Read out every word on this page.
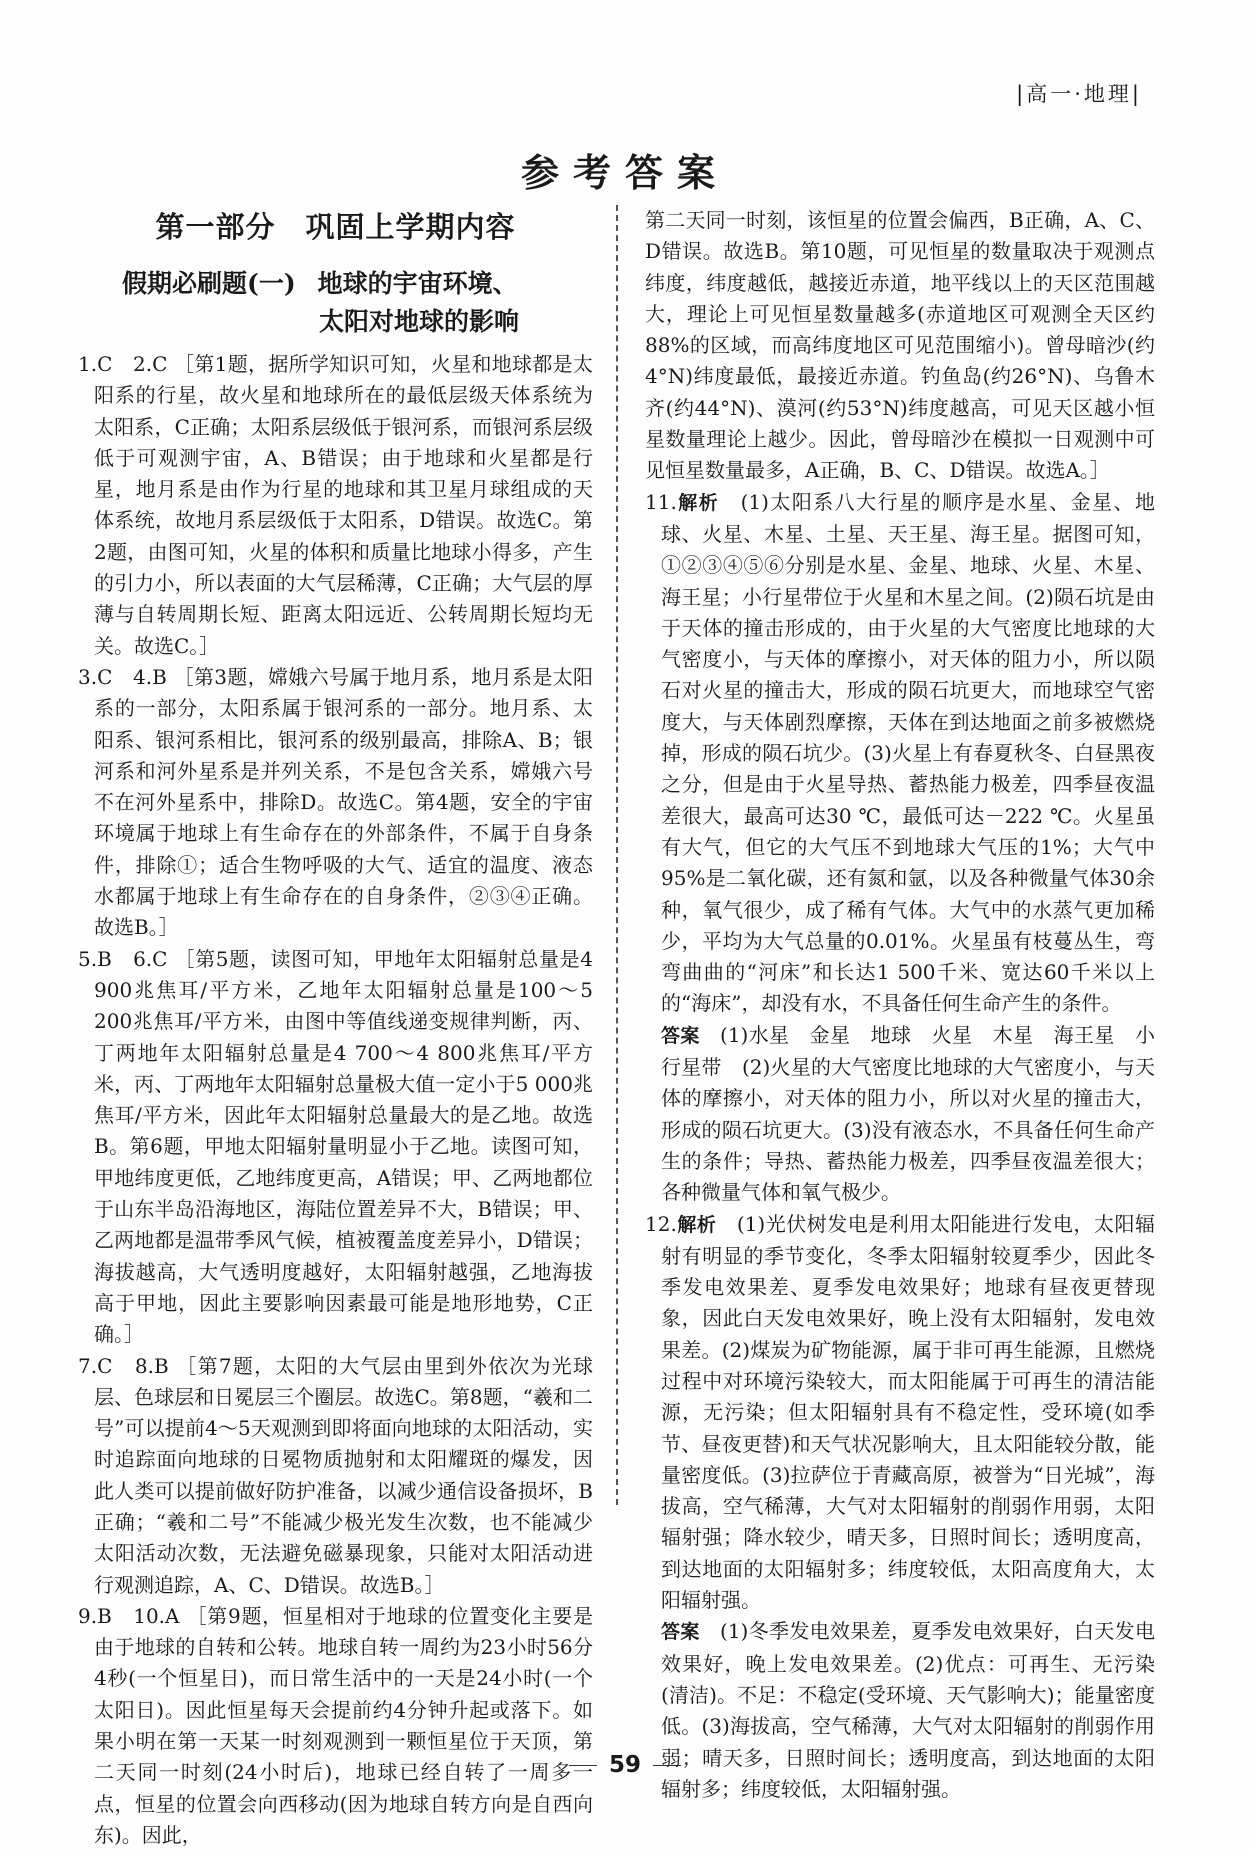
|高一·地理|
参考答案
第一部分　巩固上学期内容
假期必刷题(一) 地球的宇宙环境、
太阳对地球的影响

1.C　2.C ［第1题，据所学知识可知，火星和地球都是太阳系的行星，故火星和地球所在的最低层级天体系统为太阳系，C正确；太阳系层级低于银河系，而银河系层级低于可观测宇宙，A、B错误；由于地球和火星都是行星，地月系是由作为行星的地球和其卫星月球组成的天体系统，故地月系层级低于太阳系，D错误。故选C。第2题，由图可知，火星的体积和质量比地球小得多，产生的引力小，所以表面的大气层稀薄，C正确；大气层的厚薄与自转周期长短、距离太阳远近、公转周期长短均无关。故选C。］

3.C　4.B ［第3题，嫦娥六号属于地月系，地月系是太阳系的一部分，太阳系属于银河系的一部分。地月系、太阳系、银河系相比，银河系的级别最高，排除A、B；银河系和河外星系是并列关系，不是包含关系，嫦娥六号不在河外星系中，排除D。故选C。第4题，安全的宇宙环境属于地球上有生命存在的外部条件，不属于自身条件，排除①；适合生物呼吸的大气、适宜的温度、液态水都属于地球上有生命存在的自身条件，②③④正确。故选B。］

5.B　6.C ［第5题，读图可知，甲地年太阳辐射总量是4 900兆焦耳/平方米，乙地年太阳辐射总量是100～5 200兆焦耳/平方米，由图中等值线递变规律判断，丙、丁两地年太阳辐射总量是4 700～4 800兆焦耳/平方米，丙、丁两地年太阳辐射总量极大值一定小于5 000兆焦耳/平方米，因此年太阳辐射总量最大的是乙地。故选B。第6题，甲地太阳辐射量明显小于乙地。读图可知，甲地纬度更低，乙地纬度更高，A错误；甲、乙两地都位于山东半岛沿海地区，海陆位置差异不大，B错误；甲、乙两地都是温带季风气候，植被覆盖度差异小，D错误；海拔越高，大气透明度越好，太阳辐射越强，乙地海拔高于甲地，因此主要影响因素最可能是地形地势，C正确。］

7.C　8.B ［第7题，太阳的大气层由里到外依次为光球层、色球层和日冕层三个圈层。故选C。第8题，“羲和二号”可以提前4～5天观测到即将面向地球的太阳活动，实时追踪面向地球的日冕物质抛射和太阳耀斑的爆发，因此人类可以提前做好防护准备，以减少通信设备损坏，B正确；“羲和二号”不能减少极光发生次数，也不能减少太阳活动次数，无法避免磁暴现象，只能对太阳活动进行观测追踪，A、C、D错误。故选B。］

9.B　10.A ［第9题，恒星相对于地球的位置变化主要是由于地球的自转和公转。地球自转一周约为23小时56分4秒(一个恒星日)，而日常生活中的一天是24小时(一个太阳日)。因此恒星每天会提前约4分钟升起或落下。如果小明在第一天某一时刻观测到一颗恒星位于天顶，第二天同一时刻(24小时后)，地球已经自转了一周多一点，恒星的位置会向西移动(因为地球自转方向是自西向东)。因此，

第二天同一时刻，该恒星的位置会偏西，B正确，A、C、D错误。故选B。第10题，可见恒星的数量取决于观测点纬度，纬度越低，越接近赤道，地平线以上的天区范围越大，理论上可见恒星数量越多(赤道地区可观测全天区约88%的区域，而高纬度地区可见范围缩小)。曾母暗沙(约4°N)纬度最低，最接近赤道。钓鱼岛(约26°N)、乌鲁木齐(约44°N)、漠河(约53°N)纬度越高，可见天区越小恒星数量理论上越少。因此，曾母暗沙在模拟一日观测中可见恒星数量最多，A正确，B、C、D错误。故选A。］

11.解析　 (1)太阳系八大行星的顺序是水星、金星、地球、火星、木星、土星、天王星、海王星。据图可知，①②③④⑤⑥分别是水星、金星、地球、火星、木星、海王星；小行星带位于火星和木星之间。(2)陨石坑是由于天体的撞击形成的，由于火星的大气密度比地球的大气密度小，与天体的摩擦小，对天体的阻力小，所以陨石对火星的撞击大，形成的陨石坑更大，而地球空气密度大，与天体剧烈摩擦，天体在到达地面之前多被燃烧掉，形成的陨石坑少。(3)火星上有春夏秋冬、白昼黑夜之分，但是由于火星导热、蓄热能力极差，四季昼夜温差很大，最高可达30 ℃，最低可达－222 ℃。火星虽有大气，但它的大气压不到地球大气压的1%；大气中95%是二氧化碳，还有氮和氩，以及各种微量气体30余种，氧气很少，成了稀有气体。大气中的水蒸气更加稀少，平均为大气总量的0.01%。火星虽有枝蔓丛生，弯弯曲曲的“河床”和长达1 500千米、宽达60千米以上的“海床”，却没有水，不具备任何生命产生的条件。

答案　 (1)水星　金星　地球　火星　木星　海王星　小行星带　(2)火星的大气密度比地球的大气密度小，与天体的摩擦小，对天体的阻力小，所以对火星的撞击大，形成的陨石坑更大。(3)没有液态水，不具备任何生命产生的条件；导热、蓄热能力极差，四季昼夜温差很大；各种微量气体和氧气极少。

12.解析　 (1)光伏树发电是利用太阳能进行发电，太阳辐射有明显的季节变化，冬季太阳辐射较夏季少，因此冬季发电效果差、夏季发电效果好；地球有昼夜更替现象，因此白天发电效果好，晚上没有太阳辐射，发电效果差。(2)煤炭为矿物能源，属于非可再生能源，且燃烧过程中对环境污染较大，而太阳能属于可再生的清洁能源，无污染；但太阳辐射具有不稳定性，受环境(如季节、昼夜更替)和天气状况影响大，且太阳能较分散，能量密度低。(3)拉萨位于青藏高原，被誉为“日光城”，海拔高，空气稀薄，大气对太阳辐射的削弱作用弱，太阳辐射强；降水较少，晴天多，日照时间长；透明度高，到达地面的太阳辐射多；纬度较低，太阳高度角大，太阳辐射强。

答案　 (1)冬季发电效果差，夏季发电效果好，白天发电效果好，晚上发电效果差。(2)优点：可再生、无污染(清洁)。不足：不稳定(受环境、天气影响大)；能量密度低。(3)海拔高，空气稀薄，大气对太阳辐射的削弱作用弱；晴天多，日照时间长；透明度高，到达地面的太阳辐射多；纬度较低，太阳辐射强。

59
